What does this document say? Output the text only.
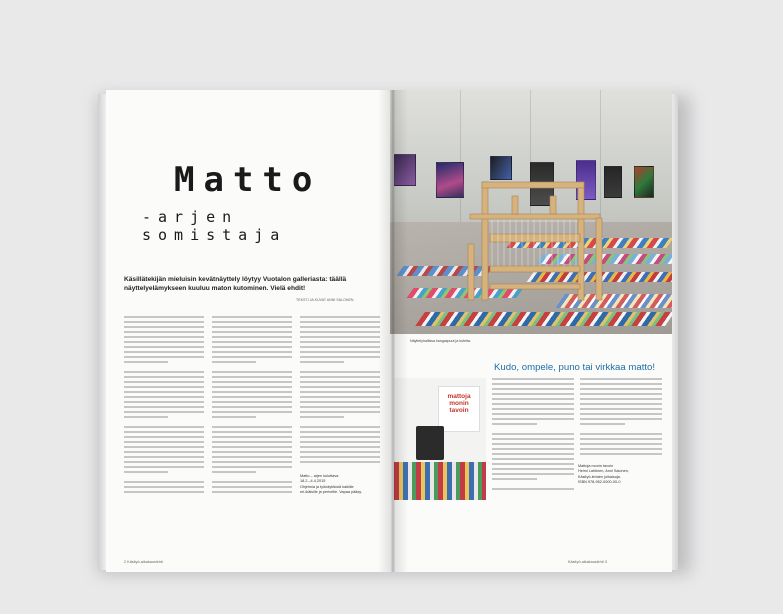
Matto
-arjen somistaja
Käsillätekijän mieluisin kevätnäyttely löytyy Vuotalon galleriasta: täällä näyttelyelämykseen kuuluu maton kutominen. Vielä ehdit!
TEKSTI JA KUVAT ANNI SALONEN
Matto – arjen kuluttava
18.2.–4.4.2015
Ohjelmia ja työnäytöksiä kaikille
eri-ikäisille ja perheille. Vapaa pääsy.
2 Käsityö-aikakauslehti
Näyttelyhallissa kangaspuut ja kuteita.
Kudo, ompele, puno tai virkkaa matto!
mattoja monin tavoin
Mattoja monin tavoin
Helmi Lahtinen, Anni Salonen,
Käsityö-lehden julkaisuja.
ISBN 978-952-0000-00-0
Käsityö-aikakauslehti 3
